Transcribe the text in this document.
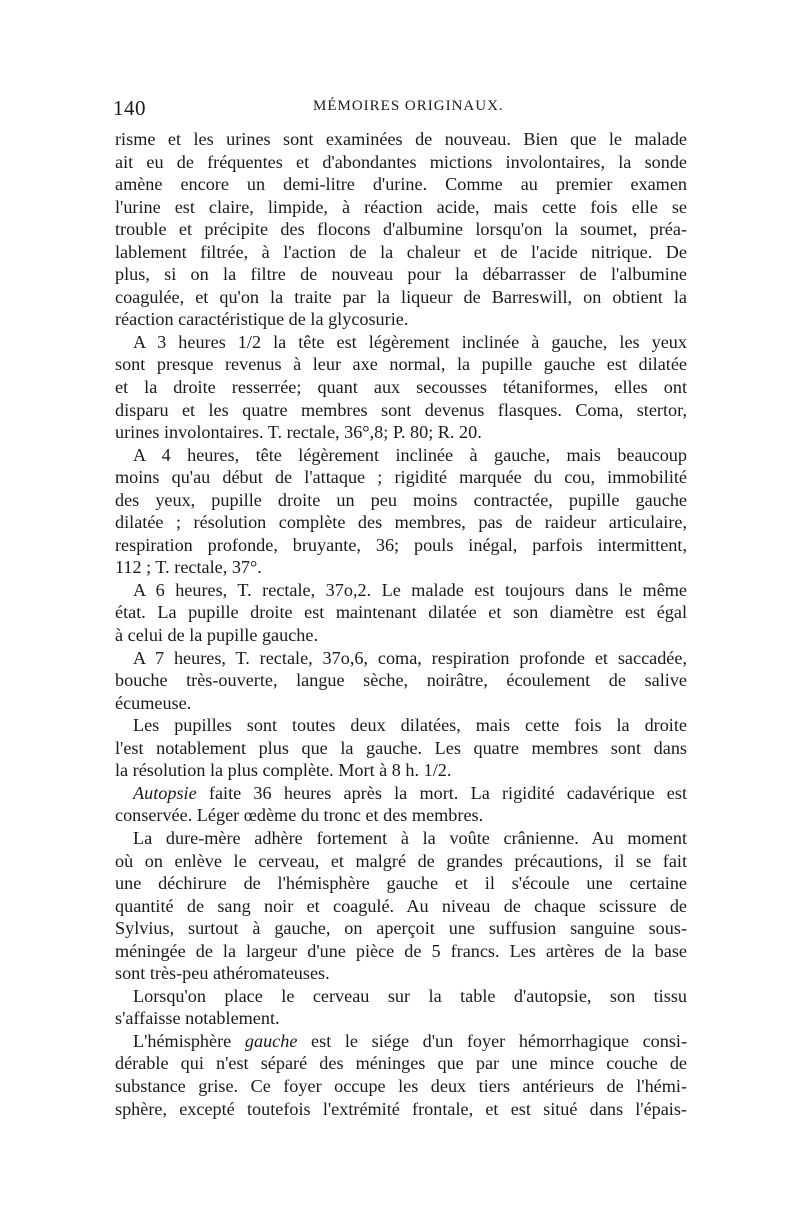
140	MÉMOIRES ORIGINAUX.
risme et les urines sont examinées de nouveau. Bien que le malade
ait eu de fréquentes et d'abondantes mictions involontaires, la sonde
amène encore un demi-litre d'urine. Comme au premier examen
l'urine est claire, limpide, à réaction acide, mais cette fois elle se
trouble et précipite des flocons d'albumine lorsqu'on la soumet, préa-
lablement filtrée, à l'action de la chaleur et de l'acide nitrique. De
plus, si on la filtre de nouveau pour la débarrasser de l'albumine
coagulée, et qu'on la traite par la liqueur de Barreswill, on obtient la
réaction caractéristique de la glycosurie.
A 3 heures 1/2 la tête est légèrement inclinée à gauche, les yeux
sont presque revenus à leur axe normal, la pupille gauche est dilatée
et la droite resserrée; quant aux secousses tétaniformes, elles ont
disparu et les quatre membres sont devenus flasques. Coma, stertor,
urines involontaires. T. rectale, 36°,8; P. 80; R. 20.
A 4 heures, tête légèrement inclinée à gauche, mais beaucoup
moins qu'au début de l'attaque ; rigidité marquée du cou, immobilité
des yeux, pupille droite un peu moins contractée, pupille gauche
dilatée ; résolution complète des membres, pas de raideur articulaire,
respiration profonde, bruyante, 36; pouls inégal, parfois intermittent,
112 ; T. rectale, 37°.
A 6 heures, T. rectale, 37o,2. Le malade est toujours dans le même
état. La pupille droite est maintenant dilatée et son diamètre est égal
à celui de la pupille gauche.
A 7 heures, T. rectale, 37o,6, coma, respiration profonde et saccadée,
bouche très-ouverte, langue sèche, noirâtre, écoulement de salive
écumeuse.
Les pupilles sont toutes deux dilatées, mais cette fois la droite
l'est notablement plus que la gauche. Les quatre membres sont dans
la résolution la plus complète. Mort à 8 h. 1/2.
Autopsie faite 36 heures après la mort. La rigidité cadavérique est
conservée. Léger œdème du tronc et des membres.
La dure-mère adhère fortement à la voûte crânienne. Au moment
où on enlève le cerveau, et malgré de grandes précautions, il se fait
une déchirure de l'hémisphère gauche et il s'écoule une certaine
quantité de sang noir et coagulé. Au niveau de chaque scissure de
Sylvius, surtout à gauche, on aperçoit une suffusion sanguine sous-
méningée de la largeur d'une pièce de 5 francs. Les artères de la base
sont très-peu athéromateuses.
Lorsqu'on place le cerveau sur la table d'autopsie, son tissu
s'affaisse notablement.
L'hémisphère gauche est le siége d'un foyer hémorrhagique consi-
dérable qui n'est séparé des méninges que par une mince couche de
substance grise. Ce foyer occupe les deux tiers antérieurs de l'hémi-
sphère, excepté toutefois l'extrémité frontale, et est situé dans l'épais-
